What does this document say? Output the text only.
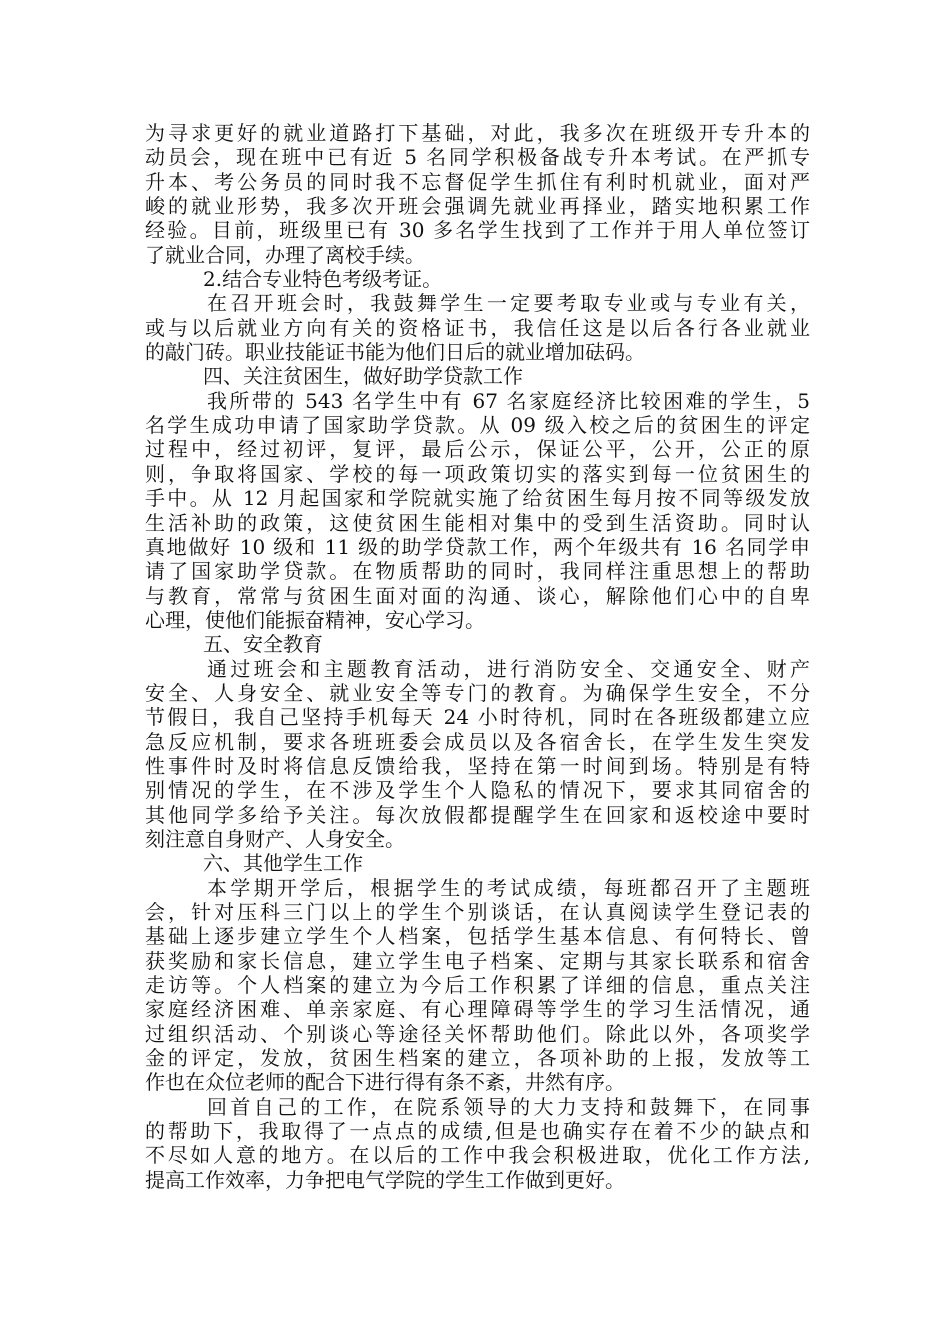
为寻求更好的就业道路打下基础，对此，我多次在班级开专升本的
动员会，现在班中已有近 5 名同学积极备战专升本考试。在严抓专
升本、考公务员的同时我不忘督促学生抓住有利时机就业，面对严
峻的就业形势，我多次开班会强调先就业再择业，踏实地积累工作
经验。目前，班级里已有 30 多名学生找到了工作并于用人单位签订
了就业合同，办理了离校手续。
2.结合专业特色考级考证。
在召开班会时，我鼓舞学生一定要考取专业或与专业有关，
或与以后就业方向有关的资格证书，我信任这是以后各行各业就业
的敲门砖。职业技能证书能为他们日后的就业增加砝码。
四、关注贫困生，做好助学贷款工作
我所带的 543 名学生中有 67 名家庭经济比较困难的学生，5
名学生成功申请了国家助学贷款。从 09 级入校之后的贫困生的评定
过程中，经过初评，复评，最后公示，保证公平，公开，公正的原
则，争取将国家、学校的每一项政策切实的落实到每一位贫困生的
手中。从 12 月起国家和学院就实施了给贫困生每月按不同等级发放
生活补助的政策，这使贫困生能相对集中的受到生活资助。同时认
真地做好 10 级和 11 级的助学贷款工作，两个年级共有 16 名同学申
请了国家助学贷款。在物质帮助的同时，我同样注重思想上的帮助
与教育，常常与贫困生面对面的沟通、谈心，解除他们心中的自卑
心理，使他们能振奋精神，安心学习。
五、安全教育
通过班会和主题教育活动，进行消防安全、交通安全、财产
安全、人身安全、就业安全等专门的教育。为确保学生安全，不分
节假日，我自己坚持手机每天 24 小时待机，同时在各班级都建立应
急反应机制，要求各班班委会成员以及各宿舍长，在学生发生突发
性事件时及时将信息反馈给我，坚持在第一时间到场。特别是有特
别情况的学生，在不涉及学生个人隐私的情况下，要求其同宿舍的
其他同学多给予关注。每次放假都提醒学生在回家和返校途中要时
刻注意自身财产、人身安全。
六、其他学生工作
本学期开学后，根据学生的考试成绩，每班都召开了主题班
会，针对压科三门以上的学生个别谈话，在认真阅读学生登记表的
基础上逐步建立学生个人档案，包括学生基本信息、有何特长、曾
获奖励和家长信息，建立学生电子档案、定期与其家长联系和宿舍
走访等。个人档案的建立为今后工作积累了详细的信息，重点关注
家庭经济困难、单亲家庭、有心理障碍等学生的学习生活情况，通
过组织活动、个别谈心等途径关怀帮助他们。除此以外，各项奖学
金的评定，发放，贫困生档案的建立，各项补助的上报，发放等工
作也在众位老师的配合下进行得有条不紊，井然有序。
回首自己的工作，在院系领导的大力支持和鼓舞下，在同事
的帮助下，我取得了一点点的成绩,但是也确实存在着不少的缺点和
不尽如人意的地方。在以后的工作中我会积极进取，优化工作方法,
提高工作效率，力争把电气学院的学生工作做到更好。
